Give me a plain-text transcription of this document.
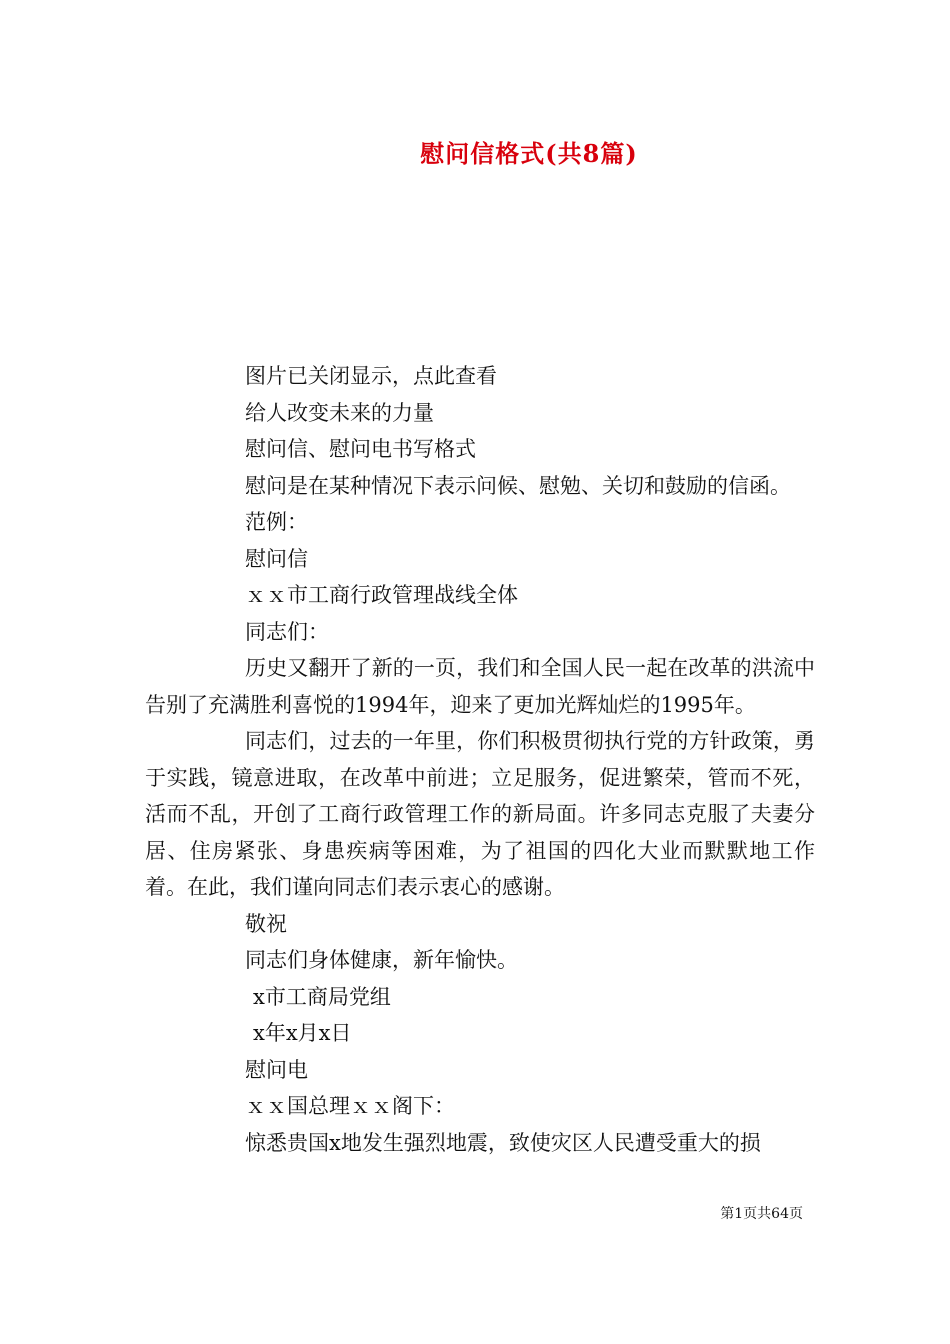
慰问信格式(共8篇)
图片已关闭显示，点此查看
给人改变未来的力量
慰问信、慰问电书写格式
慰问是在某种情况下表示问候、慰勉、关切和鼓励的信函。
范例：
慰问信
ｘｘ市工商行政管理战线全体
同志们：

历史又翻开了新的一页，我们和全国人民一起在改革的洪流中告别了充满胜利喜悦的1994年，迎来了更加光辉灿烂的1995年。

同志们，过去的一年里，你们积极贯彻执行党的方针政策，勇于实践，镜意进取，在改革中前进；立足服务，促进繁荣，管而不死，活而不乱，开创了工商行政管理工作的新局面。许多同志克服了夫妻分居、住房紧张、身患疾病等困难，为了祖国的四化大业而默默地工作着。在此，我们谨向同志们表示衷心的感谢。

敬祝
同志们身体健康，新年愉快。
x市工商局党组
x年x月x日
慰问电
ｘｘ国总理ｘｘ阁下：
惊悉贵国x地发生强烈地震，致使灾区人民遭受重大的损
第1页共64页
